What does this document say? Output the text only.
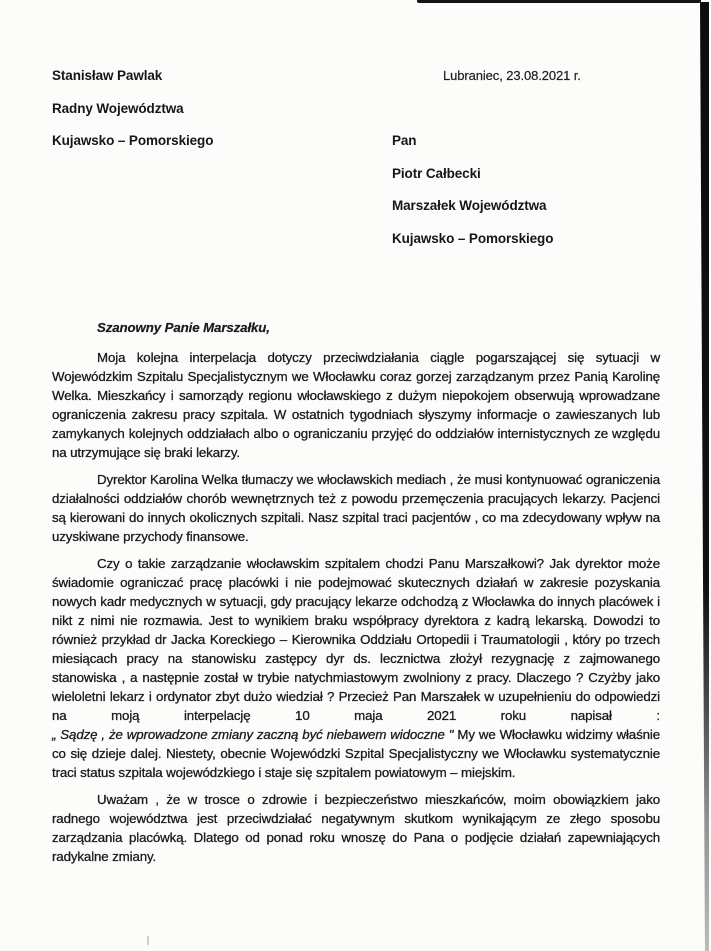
Stanisław Pawlak
Radny Województwa
Kujawsko – Pomorskiego
Lubraniec, 23.08.2021 r.
Pan
Piotr Całbecki
Marszałek Województwa
Kujawsko – Pomorskiego
Szanowny Panie Marszałku,

Moja kolejna interpelacja dotyczy przeciwdziałania ciągle pogarszającej się sytuacji w Wojewódzkim Szpitalu Specjalistycznym we Włocławku coraz gorzej zarządzanym przez Panią Karolinę Welka. Mieszkańcy i samorządy regionu włocławskiego z dużym niepokojem obserwują wprowadzane ograniczenia zakresu pracy szpitala. W ostatnich tygodniach słyszymy informacje o zawieszanych lub zamykanych kolejnych oddziałach albo o ograniczaniu przyjęć do oddziałów internistycznych ze względu na utrzymujące się braki lekarzy.

Dyrektor Karolina Welka tłumaczy we włocławskich mediach , że musi kontynuować ograniczenia działalności oddziałów chorób wewnętrznych też z powodu przemęczenia pracujących lekarzy. Pacjenci są kierowani do innych okolicznych szpitali. Nasz szpital traci pacjentów , co ma zdecydowany wpływ na uzyskiwane przychody finansowe.

Czy o takie zarządzanie włocławskim szpitalem chodzi Panu Marszałkowi? Jak dyrektor może świadomie ograniczać pracę placówki i nie podejmować skutecznych działań w zakresie pozyskania nowych kadr medycznych w sytuacji, gdy pracujący lekarze odchodzą z Włocławka do innych placówek i nikt z nimi nie rozmawia. Jest to wynikiem braku współpracy dyrektora z kadrą lekarską. Dowodzi to również przykład dr Jacka Koreckiego – Kierownika Oddziału Ortopedii i Traumatologii , który po trzech miesiącach pracy na stanowisku zastępcy dyr ds. lecznictwa złożył rezygnację z zajmowanego stanowiska , a następnie został w trybie natychmiastowym zwolniony z pracy. Dlaczego ? Czyżby jako wieloletni lekarz i ordynator zbyt dużo wiedział ? Przecież Pan Marszałek w uzupełnieniu do odpowiedzi na moją interpelację 10 maja 2021 roku napisał :
„ Sądzę , że wprowadzone zmiany zaczną być niebawem widoczne " My we Włocławku widzimy właśnie co się dzieje dalej. Niestety, obecnie Wojewódzki Szpital Specjalistyczny we Włocławku systematycznie traci status szpitala wojewódzkiego i staje się szpitalem powiatowym – miejskim.

Uważam , że w trosce o zdrowie i bezpieczeństwo mieszkańców, moim obowiązkiem jako radnego województwa jest przeciwdziałać negatywnym skutkom wynikającym ze złego sposobu zarządzania placówką. Dlatego od ponad roku wnoszę do Pana o podjęcie działań zapewniających radykalne zmiany.
